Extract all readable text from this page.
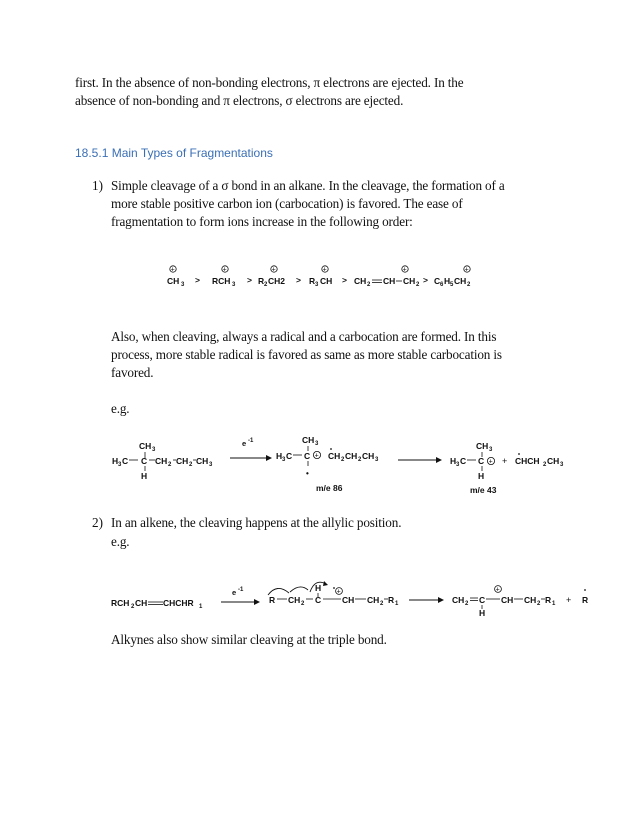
first. In the absence of non-bonding electrons, π electrons are ejected. In the
absence of non-bonding and π electrons, σ electrons are ejected.
18.5.1 Main Types of Fragmentations
1) Simple cleavage of a σ bond in an alkane. In the cleavage, the formation of a
more stable positive carbon ion (carbocation) is favored. The ease of
fragmentation to form ions increase in the following order:
+
CH 3 >
+
RCH 3 >
+
R 2 CH2 >
+
R 3 CH >
+
CH 2 CH CH 2 >
+
C 6 H 5 CH 2
Also, when cleaving, always a radical and a carbocation are formed. In this
process, more stable radical is favored as same as more stable carbocation is
favored.
e.g.
CH 3
H 3 C C CH 2 CH 2 CH 3
H
e -1	CH 3
H 3 C C +
•
CH 2 CH 2 CH 3
m/e 86
CH 3
H 3 C C +
H
+ CHCH 2 CH 3
m/e 43
2) In an alkene, the cleaving happens at the allylic position.
e.g.
RCH 2 CH CHCHR 1
e -1
R CH 2
H
C
+
CH CH 2 R 1	CH 2 C
H
+
CH CH 2 R 1 + R
Alkynes also show similar cleaving at the triple bond.
